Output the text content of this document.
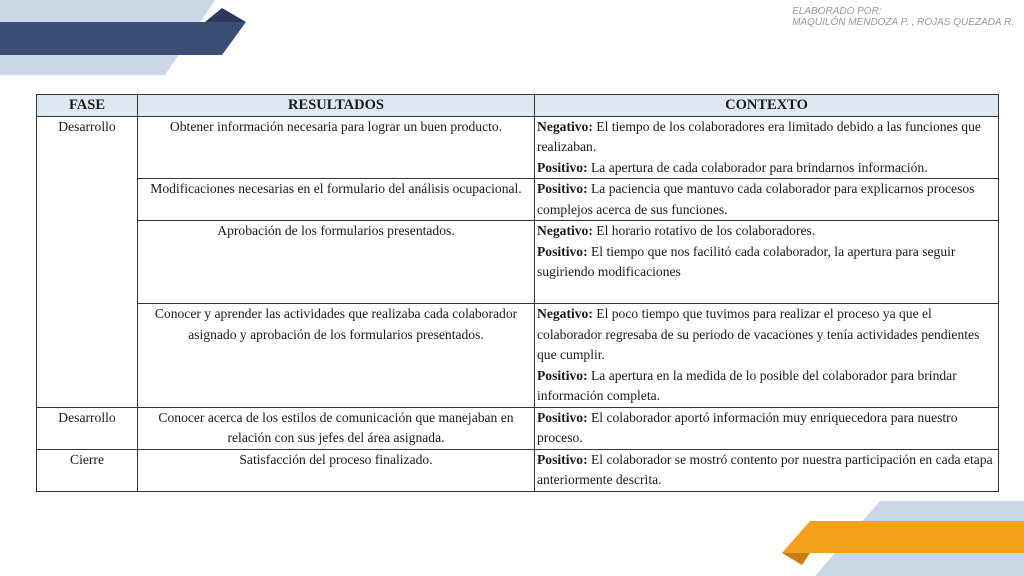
ELABORADO POR:
MAQUILÓN MENDOZA P. , ROJAS QUEZADA R.
FASE	RESULTADOS	CONTEXTO
Desarrollo	Obtener información necesaria para lograr un buen producto.	Negativo: El tiempo de los colaboradores era limitado debido a las funciones que realizaban.
Positivo: La apertura de cada colaborador para brindarnos información.

	Modificaciones necesarias en el formulario del análisis ocupacional.	Positivo: La paciencia que mantuvo cada colaborador para explicarnos procesos complejos acerca de sus funciones.

	Aprobación de los formularios presentados.	Negativo: El horario rotativo de los colaboradores.
Positivo: El tiempo que nos facilitó cada colaborador, la apertura para seguir sugiriendo modificaciones

	Conocer y aprender las actividades que realizaba cada colaborador asignado y aprobación de los formularios presentados.	Negativo: El poco tiempo que tuvimos para realizar el proceso ya que el colaborador regresaba de su periodo de vacaciones y tenía actividades pendientes que cumplir.
Positivo: La apertura en la medida de lo posible del colaborador para brindar información completa.

Desarrollo	Conocer acerca de los estilos de comunicación que manejaban en relación con sus jefes del área asignada.	Positivo: El colaborador aportó información muy enriquecedora para nuestro proceso.

Cierre	Satisfacción del proceso finalizado.	Positivo: El colaborador se mostró contento por nuestra participación en cada etapa anteriormente descrita.
